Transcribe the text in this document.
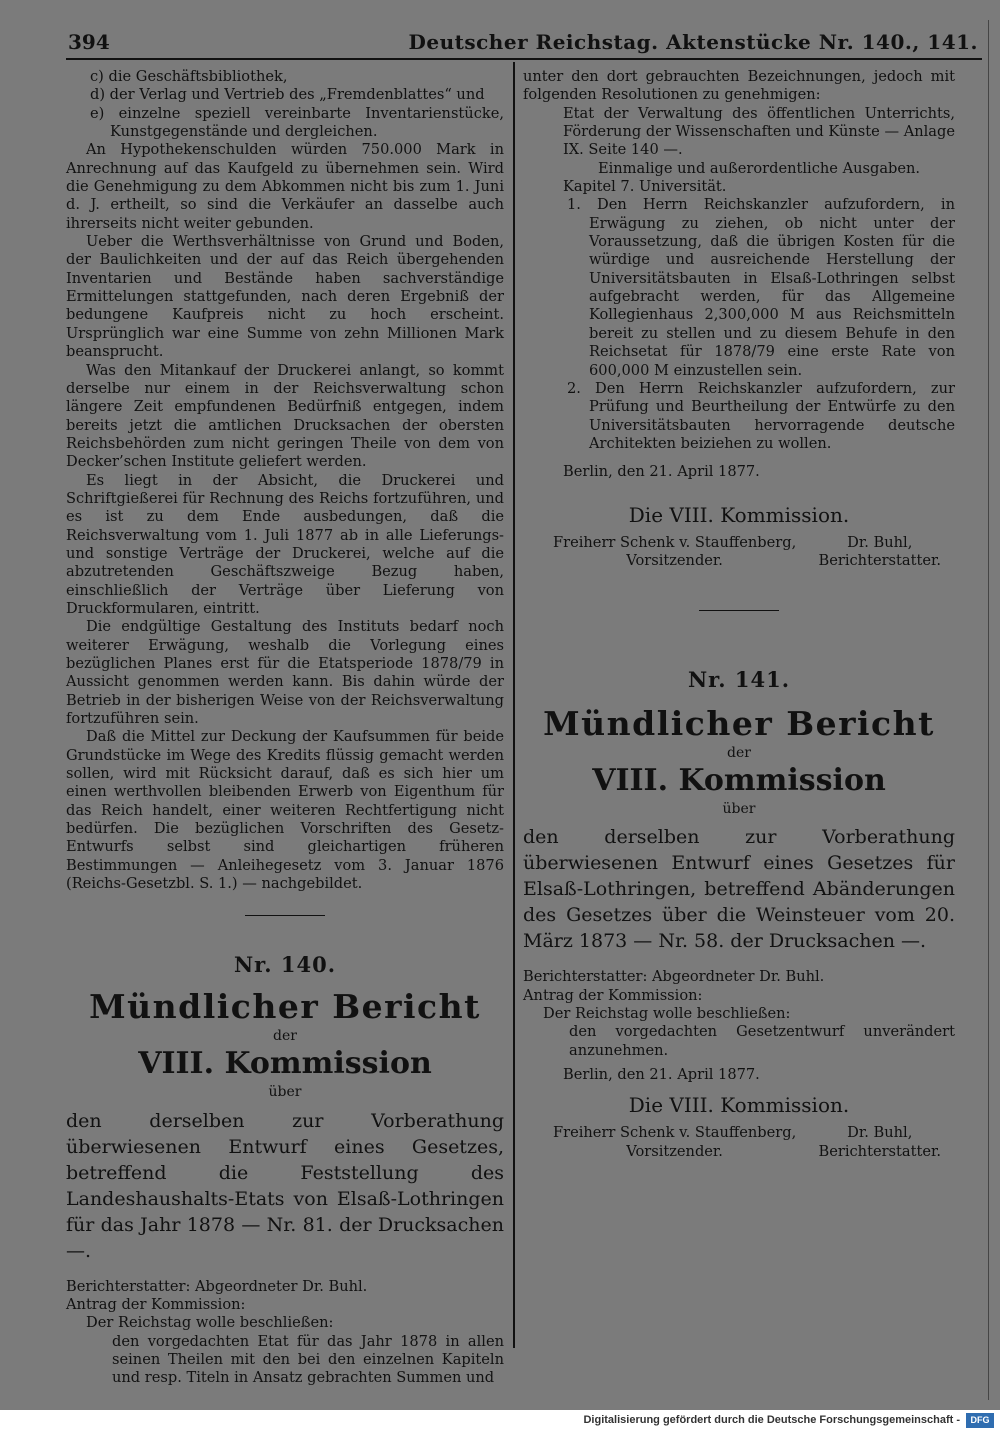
394	Deutscher Reichstag. Aktenstücke Nr. 140., 141.

c) die Geschäftsbibliothek,

d) der Verlag und Vertrieb des „Fremdenblattes“ und

e) einzelne speziell vereinbarte Inventarienstücke, Kunstgegenstände und dergleichen.

An Hypothekenschulden würden 750.000 Mark in Anrechnung auf das Kaufgeld zu übernehmen sein. Wird die Genehmigung zu dem Abkommen nicht bis zum 1. Juni d. J. ertheilt, so sind die Verkäufer an dasselbe auch ihrerseits nicht weiter gebunden.

Ueber die Werthsverhältnisse von Grund und Boden, der Baulichkeiten und der auf das Reich übergehenden Inventarien und Bestände haben sachverständige Ermittelungen stattgefunden, nach deren Ergebniß der bedungene Kaufpreis nicht zu hoch erscheint. Ursprünglich war eine Summe von zehn Millionen Mark beansprucht.

Was den Mitankauf der Druckerei anlangt, so kommt derselbe nur einem in der Reichsverwaltung schon längere Zeit empfundenen Bedürfniß entgegen, indem bereits jetzt die amtlichen Drucksachen der obersten Reichsbehörden zum nicht geringen Theile von dem von Decker’schen Institute geliefert werden.

Es liegt in der Absicht, die Druckerei und Schriftgießerei für Rechnung des Reichs fortzuführen, und es ist zu dem Ende ausbedungen, daß die Reichsverwaltung vom 1. Juli 1877 ab in alle Lieferungs- und sonstige Verträge der Druckerei, welche auf die abzutretenden Geschäftszweige Bezug haben, einschließlich der Verträge über Lieferung von Druckformularen, eintritt.

Die endgültige Gestaltung des Instituts bedarf noch weiterer Erwägung, weshalb die Vorlegung eines bezüglichen Planes erst für die Etatsperiode 1878/79 in Aussicht genommen werden kann. Bis dahin würde der Betrieb in der bisherigen Weise von der Reichsverwaltung fortzuführen sein.

Daß die Mittel zur Deckung der Kaufsummen für beide Grundstücke im Wege des Kredits flüssig gemacht werden sollen, wird mit Rücksicht darauf, daß es sich hier um einen werthvollen bleibenden Erwerb von Eigenthum für das Reich handelt, einer weiteren Rechtfertigung nicht bedürfen. Die bezüglichen Vorschriften des Gesetz-Entwurfs selbst sind gleichartigen früheren Bestimmungen — Anleihegesetz vom 3. Januar 1876 (Reichs-Gesetzbl. S. 1.) — nachgebildet.

Nr. 140.

Mündlicher Bericht

der

VIII. Kommission

über

den derselben zur Vorberathung überwiesenen Entwurf eines Gesetzes, betreffend die Feststellung des Landeshaushalts-Etats von Elsaß-Lothringen für das Jahr 1878 — Nr. 81. der Drucksachen —.

Berichterstatter: Abgeordneter Dr. Buhl.

Antrag der Kommission:

Der Reichstag wolle beschließen:

den vorgedachten Etat für das Jahr 1878 in allen seinen Theilen mit den bei den einzelnen Kapiteln und resp. Titeln in Ansatz gebrachten Summen und

unter den dort gebrauchten Bezeichnungen, jedoch mit folgenden Resolutionen zu genehmigen:

Etat der Verwaltung des öffentlichen Unterrichts, Förderung der Wissenschaften und Künste — Anlage IX. Seite 140 —.

Einmalige und außerordentliche Ausgaben.

Kapitel 7. Universität.

1. Den Herrn Reichskanzler aufzufordern, in Erwägung zu ziehen, ob nicht unter der Voraussetzung, daß die übrigen Kosten für die würdige und ausreichende Herstellung der Universitätsbauten in Elsaß-Lothringen selbst aufgebracht werden, für das Allgemeine Kollegienhaus 2,300,000 M aus Reichsmitteln bereit zu stellen und zu diesem Behufe in den Reichsetat für 1878/79 eine erste Rate von 600,000 M einzustellen sein.

2. Den Herrn Reichskanzler aufzufordern, zur Prüfung und Beurtheilung der Entwürfe zu den Universitätsbauten hervorragende deutsche Architekten beiziehen zu wollen.

Berlin, den 21. April 1877.

Die VIII. Kommission.

Freiherr Schenk v. Stauffenberg,
Vorsitzender.
Dr. Buhl,
Berichterstatter.

Nr. 141.

Mündlicher Bericht

der

VIII. Kommission

über

den derselben zur Vorberathung überwiesenen Entwurf eines Gesetzes für Elsaß-Lothringen, betreffend Abänderungen des Gesetzes über die Weinsteuer vom 20. März 1873 — Nr. 58. der Drucksachen —.

Berichterstatter: Abgeordneter Dr. Buhl.

Antrag der Kommission:

Der Reichstag wolle beschließen:

den vorgedachten Gesetzentwurf unverändert anzunehmen.

Berlin, den 21. April 1877.

Die VIII. Kommission.

Freiherr Schenk v. Stauffenberg,
Vorsitzender.
Dr. Buhl,
Berichterstatter.
Digitalisierung gefördert durch die Deutsche Forschungsgemeinschaft -	DFG
